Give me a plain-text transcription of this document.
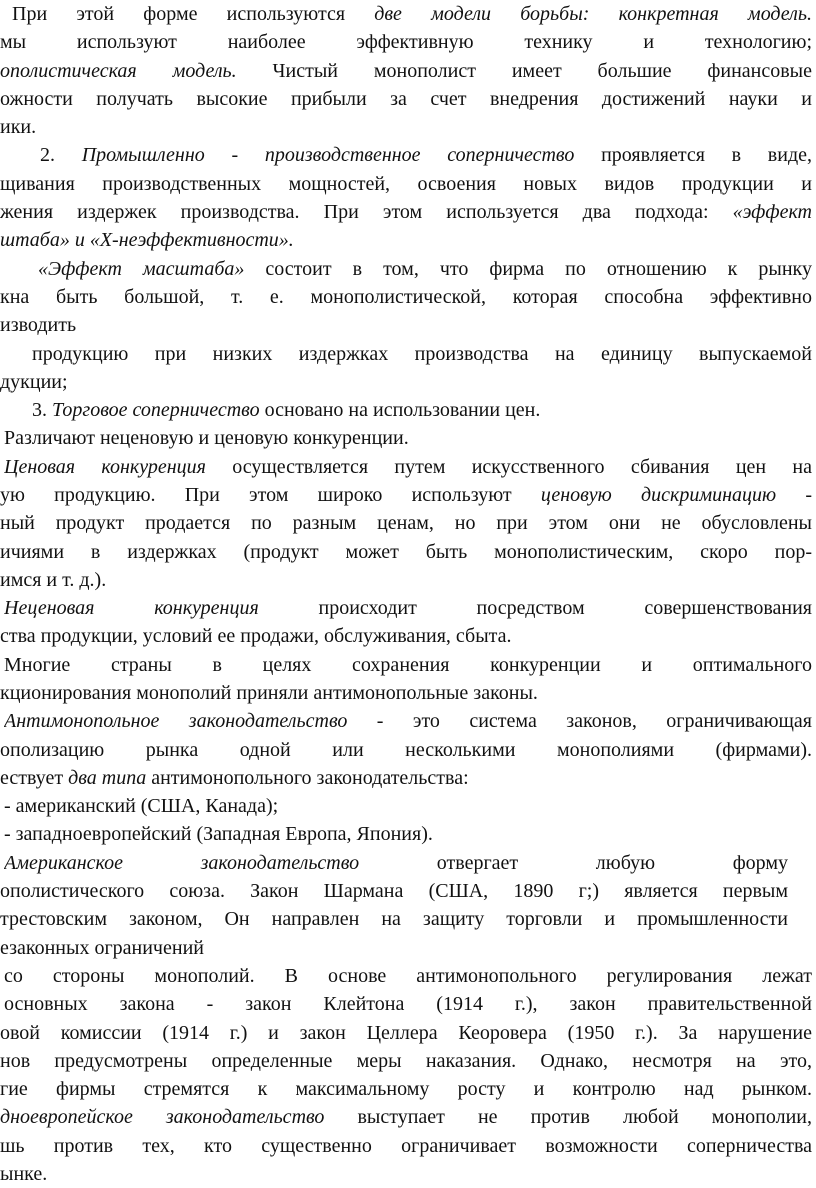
При этой форме используются две модели борьбы: конкретная модель.
мы используют наиболее эффективную технику и технологию;
ополистическая модель. Чистый монополист имеет большие финансовые
ожности получать высокие прибыли за счет внедрения достижений науки и
ики.
2. Промышленно - производственное соперничество проявляется в виде,
щивания производственных мощностей, освоения новых видов продукции и
жения издержек производства. При этом используется два подхода: «эффект
штаба» и «X-неэффективности».
«Эффект масштаба» состоит в том, что фирма по отношению к рынку
кна быть большой, т. е. монополистической, которая способна эффективно
изводить
продукцию при низких издержках производства на единицу выпускаемой
дукции;
3. Торговое соперничество основано на использовании цен.
Различают неценовую и ценовую конкуренции.
Ценовая конкуренция осуществляется путем искусственного сбивания цен на
ую продукцию. При этом широко используют ценовую дискриминацию -
ный продукт продается по разным ценам, но при этом они не обусловлены
ичиями в издержках (продукт может быть монополистическим, скоро пор-
имся и т. д.).
Неценовая конкуренция происходит посредством совершенствования
ства продукции, условий ее продажи, обслуживания, сбыта.
Многие страны в целях сохранения конкуренции и оптимального
кционирования монополий приняли антимонопольные законы.
Антимонопольное законодательство - это система законов, ограничивающая
ополизацию рынка одной или несколькими монополиями (фирмами).
ествует два типа антимонопольного законодательства:
- американский (США, Канада);
- западноевропейский (Западная Европа, Япония).
Американское законодательство отвергает любую форму
ополистического союза. Закон Шармана (США, 1890 г;) является первым
трестовским законом, Он направлен на защиту торговли и промышленности
езаконных ограничений
со стороны монополий. В основе антимонопольного регулирования лежат
основных закона - закон Клейтона (1914 г.), закон правительственной
овой комиссии (1914 г.) и закон Целлера Кеоровера (1950 г.). За нарушение
нов предусмотрены определенные меры наказания. Однако, несмотря на это,
гие фирмы стремятся к максимальному росту и контролю над рынком.
дноевропейское законодательство выступает не против любой монополии,
шь против тех, кто существенно ограничивает возможности соперничества
ынке.
